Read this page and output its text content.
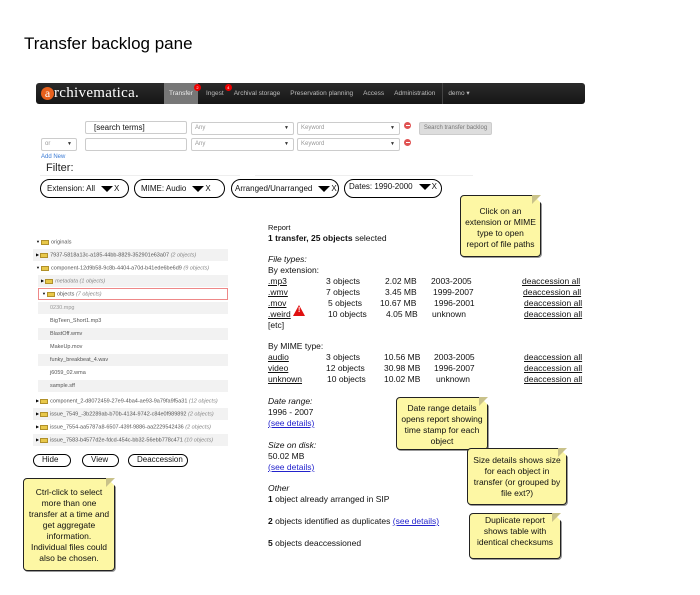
Transfer backlog pane
a rchivematica.	Transfer
2
Ingest
4
Archival storage	Preservation planning	Access	Administration	demo ▾
[search terms]	Any	▼	Keyword	▼	Search transfer backlog
or	▼	Any	▼	Keyword	▼
Add New
Filter:
Extension: All X	MIME: Audio X	Arranged/Unarranged X Dates: 1990-2000 X
▼ originals
▶ 7937-5818a13c-a185-44bb-8829-352901e63a07 (2 objects)
▼ component-12d9b58-9c8b-4404-a70d-b41ede6be6d9 (9 objects)
▶ metadata (1 objects)
▼ objects (7 objects)
0230.mpg
BigTeen_Short1.mp3
BlastOff.wmv
MakeUp.mov
funky_breakbeat_4.wav
j6059_02.wma
sample.sff
▶ component_2-d8072459-27e9-4ba4-ae93-9a79fa9f5a31 (12 objects)
▶ issue_7549_-3b2289ab-b70b-4134-9742-c84e0f989892 (2 objects)
▶ issue_7554-aa5787a8-6507-439f-9886-aa2229542436 (2 objects)
▶ issue_7583-b4577d2e-fdcd-454c-bb32-56ebb778c471 (10 objects)
Hide	View	Deaccession
Report
1 transfer, 25 objects selected
File types:
By extension:
.mp3	3 objects	2.02 MB 2003-2005	deaccession all
.wmv	7 objects	3.45 MB 1999-2007	deaccession all
.mov	5 objects 10.67 MB 1996-2001	deaccession all
.weird !	10 objects 4.05 MB unknown	deaccession all
[etc]
By MIME type:
audio	3 objects	10.56 MB 2003-2005	deaccession all
video	12 objects 30.98 MB 1996-2007	deaccession all
unknown	10 objects 10.02 MB unknown	deaccession all
Date range:
1996 - 2007
(see details)
Size on disk:
50.02 MB
(see details)
Other
1 object already arranged in SIP
2 objects identified as duplicates (see details)
5 objects deaccessioned
Click on an extension or MIME type to open report of file paths
Date range details opens report showing time stamp for each object
Size details shows size for each object in transfer (or grouped by file ext?)
Duplicate report shows table with identical checksums
Ctrl-click to select more than one transfer at a time and get aggregate information. Individual files could also be chosen.
